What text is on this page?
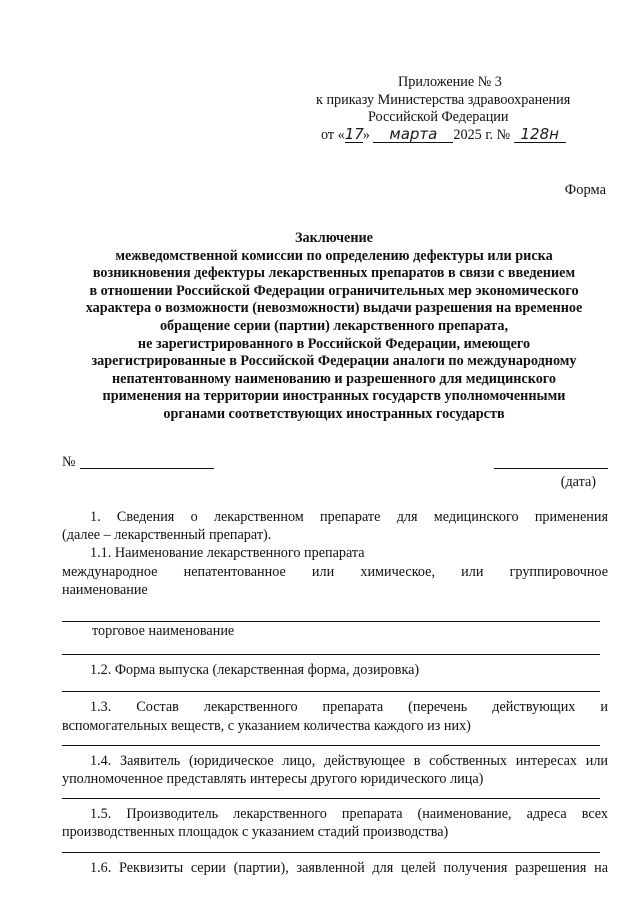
Приложение № 3
к приказу Министерства здравоохранения
Российской Федерации
от «17» марта 2025 г. № 128н
Форма
Заключение
межведомственной комиссии по определению дефектуры или риска
возникновения дефектуры лекарственных препаратов в связи с введением
в отношении Российской Федерации ограничительных мер экономического
характера о возможности (невозможности) выдачи разрешения на временное
обращение серии (партии) лекарственного препарата,
не зарегистрированного в Российской Федерации, имеющего
зарегистрированные в Российской Федерации аналоги по международному
непатентованному наименованию и разрешенного для медицинского
применения на территории иностранных государств уполномоченными
органами соответствующих иностранных государств
№
(дата)
1. Сведения о лекарственном препарате для медицинского применения
(далее – лекарственный препарат).
1.1. Наименование лекарственного препарата
международное непатентованное или химическое, или группировочное
наименование
торговое наименование
1.2. Форма выпуска (лекарственная форма, дозировка)
1.3. Состав лекарственного препарата (перечень действующих и
вспомогательных веществ, с указанием количества каждого из них)
1.4. Заявитель (юридическое лицо, действующее в собственных интересах или
уполномоченное представлять интересы другого юридического лица)
1.5. Производитель лекарственного препарата (наименование, адреса всех
производственных площадок с указанием стадий производства)
1.6. Реквизиты серии (партии), заявленной для целей получения разрешения на
